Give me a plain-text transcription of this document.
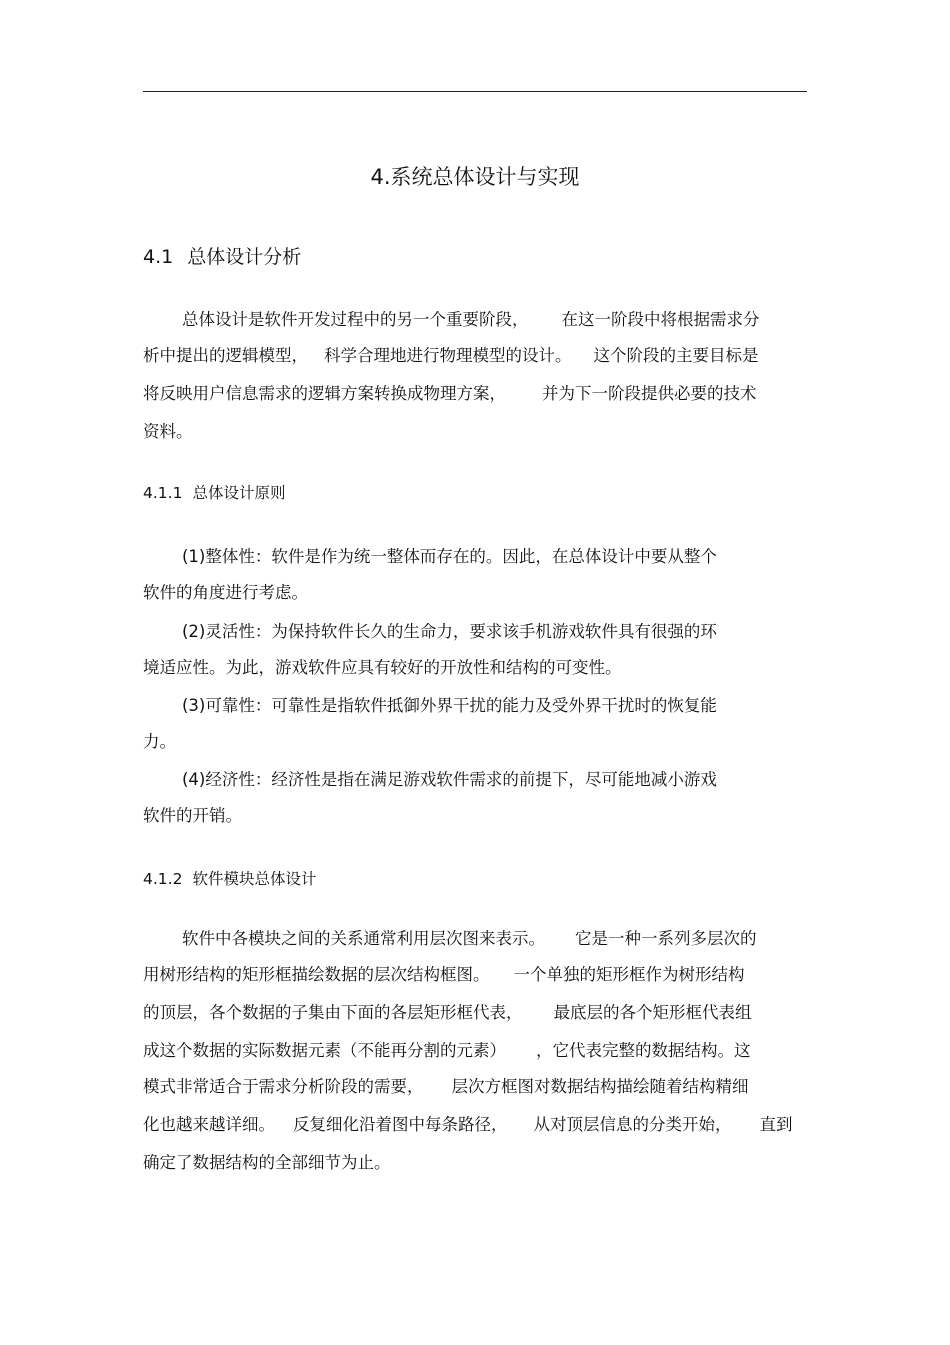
4.系统总体设计与实现
4.1 总体设计分析
总体设计是软件开发过程中的另一个重要阶段， 在这一阶段中将根据需求分
析中提出的逻辑模型， 科学合理地进行物理模型的设计。 这个阶段的主要目标是
将反映用户信息需求的逻辑方案转换成物理方案， 并为下一阶段提供必要的技术
资料。
4.1.1 总体设计原则
(1)整体性：软件是作为统一整体而存在的。因此，在总体设计中要从整个
软件的角度进行考虑。
(2)灵活性：为保持软件长久的生命力，要求该手机游戏软件具有很强的环
境适应性。为此，游戏软件应具有较好的开放性和结构的可变性。
(3)可靠性：可靠性是指软件抵御外界干扰的能力及受外界干扰时的恢复能
力。
(4)经济性：经济性是指在满足游戏软件需求的前提下，尽可能地减小游戏
软件的开销。
4.1.2 软件模块总体设计
软件中各模块之间的关系通常利用层次图来表示。 它是一种一系列多层次的
用树形结构的矩形框描绘数据的层次结构框图。 一个单独的矩形框作为树形结构
的顶层，各个数据的子集由下面的各层矩形框代表， 最底层的各个矩形框代表组
成这个数据的实际数据元素（不能再分割的元素） ，它代表完整的数据结构。这
模式非常适合于需求分析阶段的需要， 层次方框图对数据结构描绘随着结构精细
化也越来越详细。 反复细化沿着图中每条路径， 从对顶层信息的分类开始， 直到
确定了数据结构的全部细节为止。
